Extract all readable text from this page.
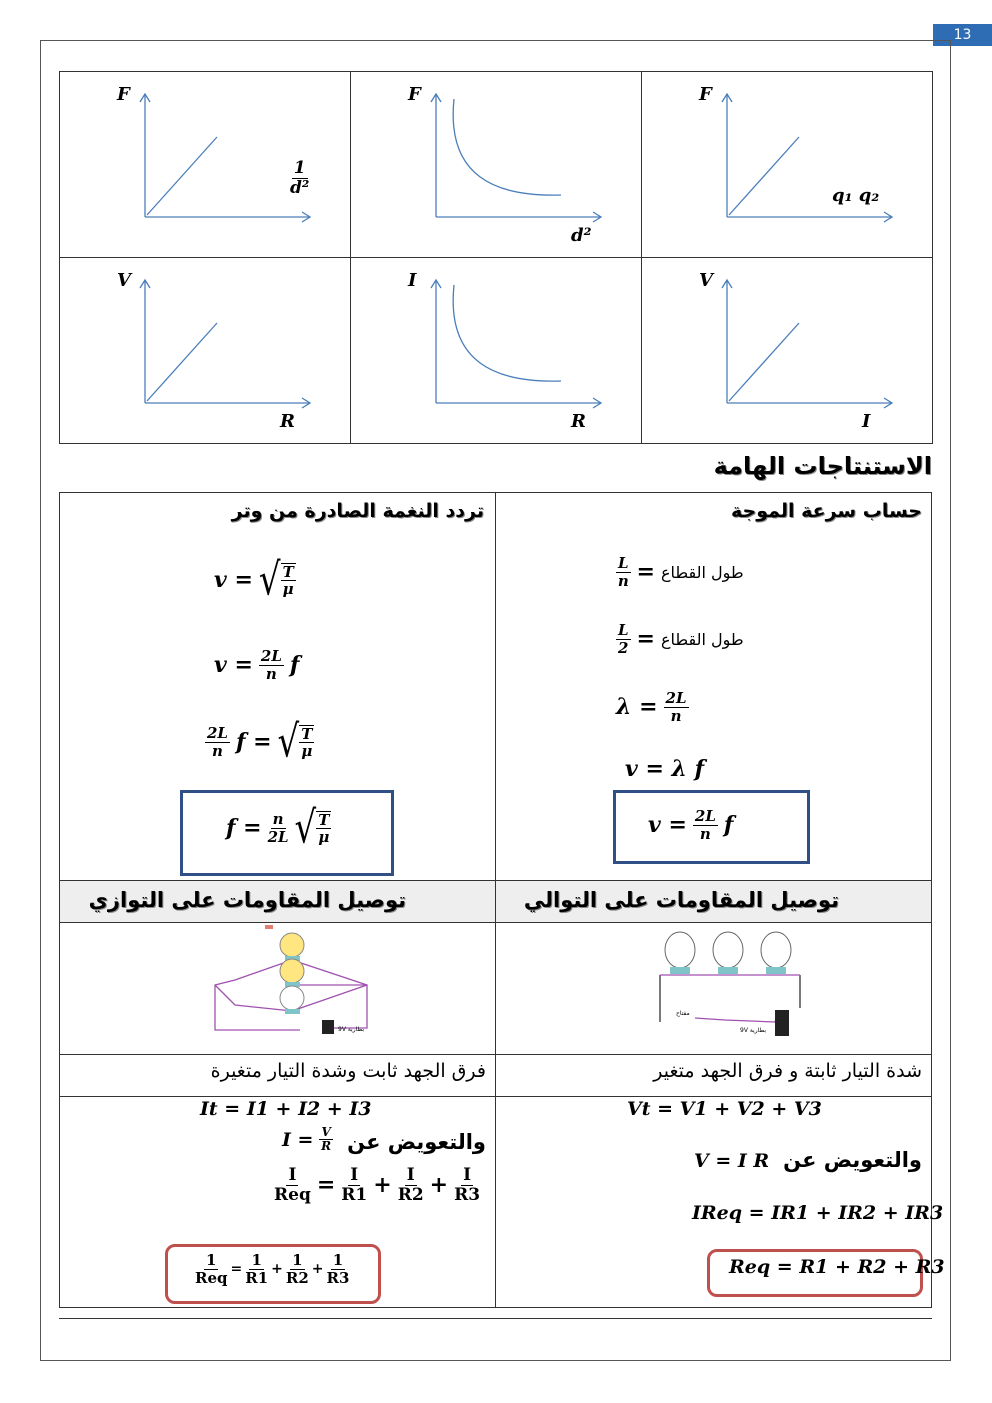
13
F
1
d²
F
d²
F
q₁ q₂
V
R
I
R
V
I
الاستنتاجات الهامة
حساب سرعة الموجة
$\frac{L}{n}$ = طول القطاع
$\frac{L}{2}$ = طول القطاع
$\lambda = \frac{2L}{n}$
v = λ f
$v = \frac{2L}{n}$ f
تردد النغمة الصادرة من وتر
v = √ T
μ
$v = \frac{2L}{n}$ f
2L
n f = √ T
μ
$f = \frac{n}{2L}$ √ T
μ
توصيل المقاومات على التوازي	توصيل المقاومات على التوالي
بطارية 9V
مفتاح
بطارية 9V
فرق الجهد ثابت وشدة التيار متغيرة	شدة التيار ثابتة و فرق الجهد متغير
Vt = V1 + V2 + V3
والتعويض عن
V = I R
IReq = IR1 + IR2 + IR3
Req = R1 + R2 + R3
It = I1 + I2 + I3
والتعويض عن
$I = \frac{V}{R}$
I
Req = I
R1 + I
R2 + I
R3
1
Req = 1
R1 + 1
R2 + 1
R3
